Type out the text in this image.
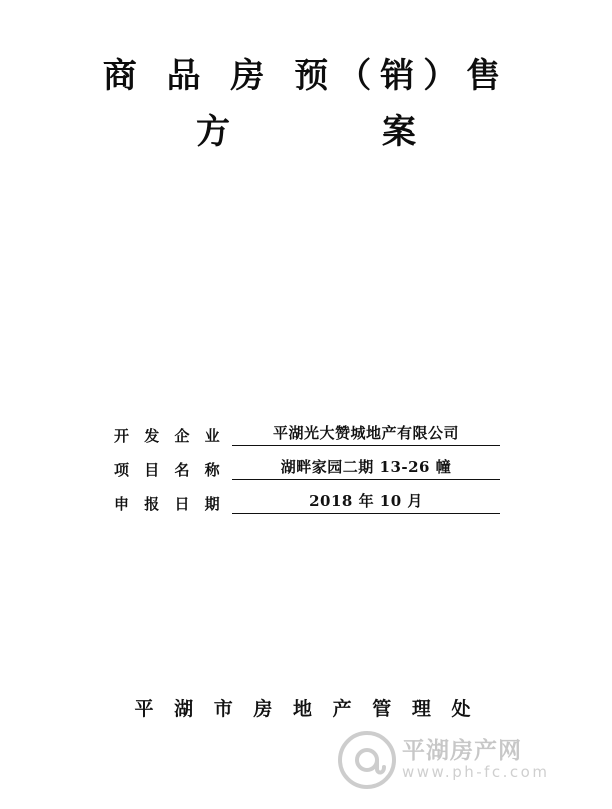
商 品 房 预（销）售
方　　案
开 发 企 业	平湖光大赞城地产有限公司
项 目 名 称	湖畔家园二期 13-26 幢
申 报 日 期	2018 年 10 月
平 湖 市 房 地 产 管 理 处
平湖房产网
www.ph-fc.com
